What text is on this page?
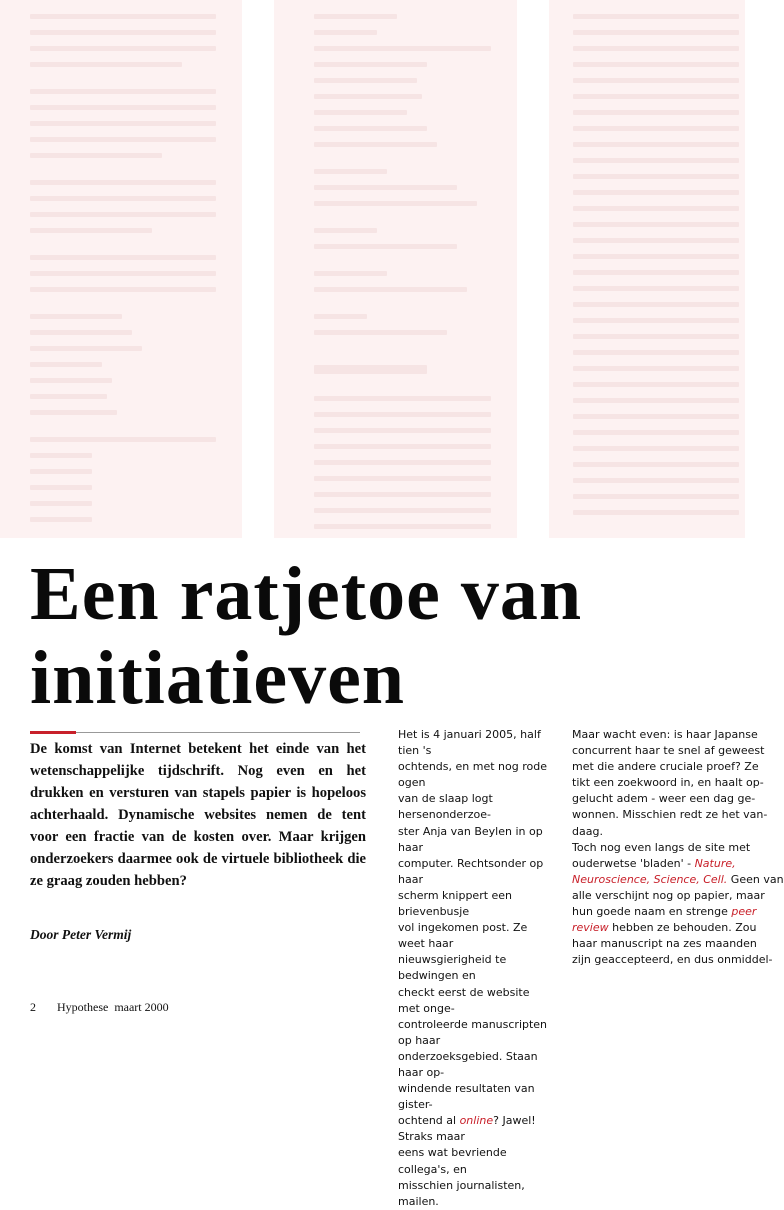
Een ratjetoe van
initiatieven

De komst van Internet betekent het einde van het wetenschappelijke tijdschrift. Nog even en het drukken en versturen van stapels papier is hopeloos achterhaald. Dynamische websites nemen de tent voor een fractie van de kosten over. Maar krijgen onderzoekers daarmee ook de virtuele bibliotheek die ze graag zouden hebben?

Door Peter Vermij

Het is 4 januari 2005, half tien 's

ochtends, en met nog rode ogen

van de slaap logt hersenonderzoe-

ster Anja van Beylen in op haar

computer. Rechtsonder op haar

scherm knippert een brievenbusje

vol ingekomen post. Ze weet haar

nieuwsgierigheid te bedwingen en

checkt eerst de website met onge-

controleerde manuscripten op haar

onderzoeksgebied. Staan haar op-

windende resultaten van gister-

ochtend al online? Jawel! Straks maar

eens wat bevriende collega's, en

misschien journalisten, mailen.

Maar wacht even: is haar Japanse

concurrent haar te snel af geweest

met die andere cruciale proef? Ze

tikt een zoekwoord in, en haalt op-

gelucht adem - weer een dag ge-

wonnen. Misschien redt ze het van-

daag.

Toch nog even langs de site met

ouderwetse 'bladen' - Nature,

Neuroscience, Science, Cell. Geen van

alle verschijnt nog op papier, maar

hun goede naam en strenge peer

review hebben ze behouden. Zou

haar manuscript na zes maanden

zijn geaccepteerd, en dus onmiddel-

2 Hypothese  maart 2000
